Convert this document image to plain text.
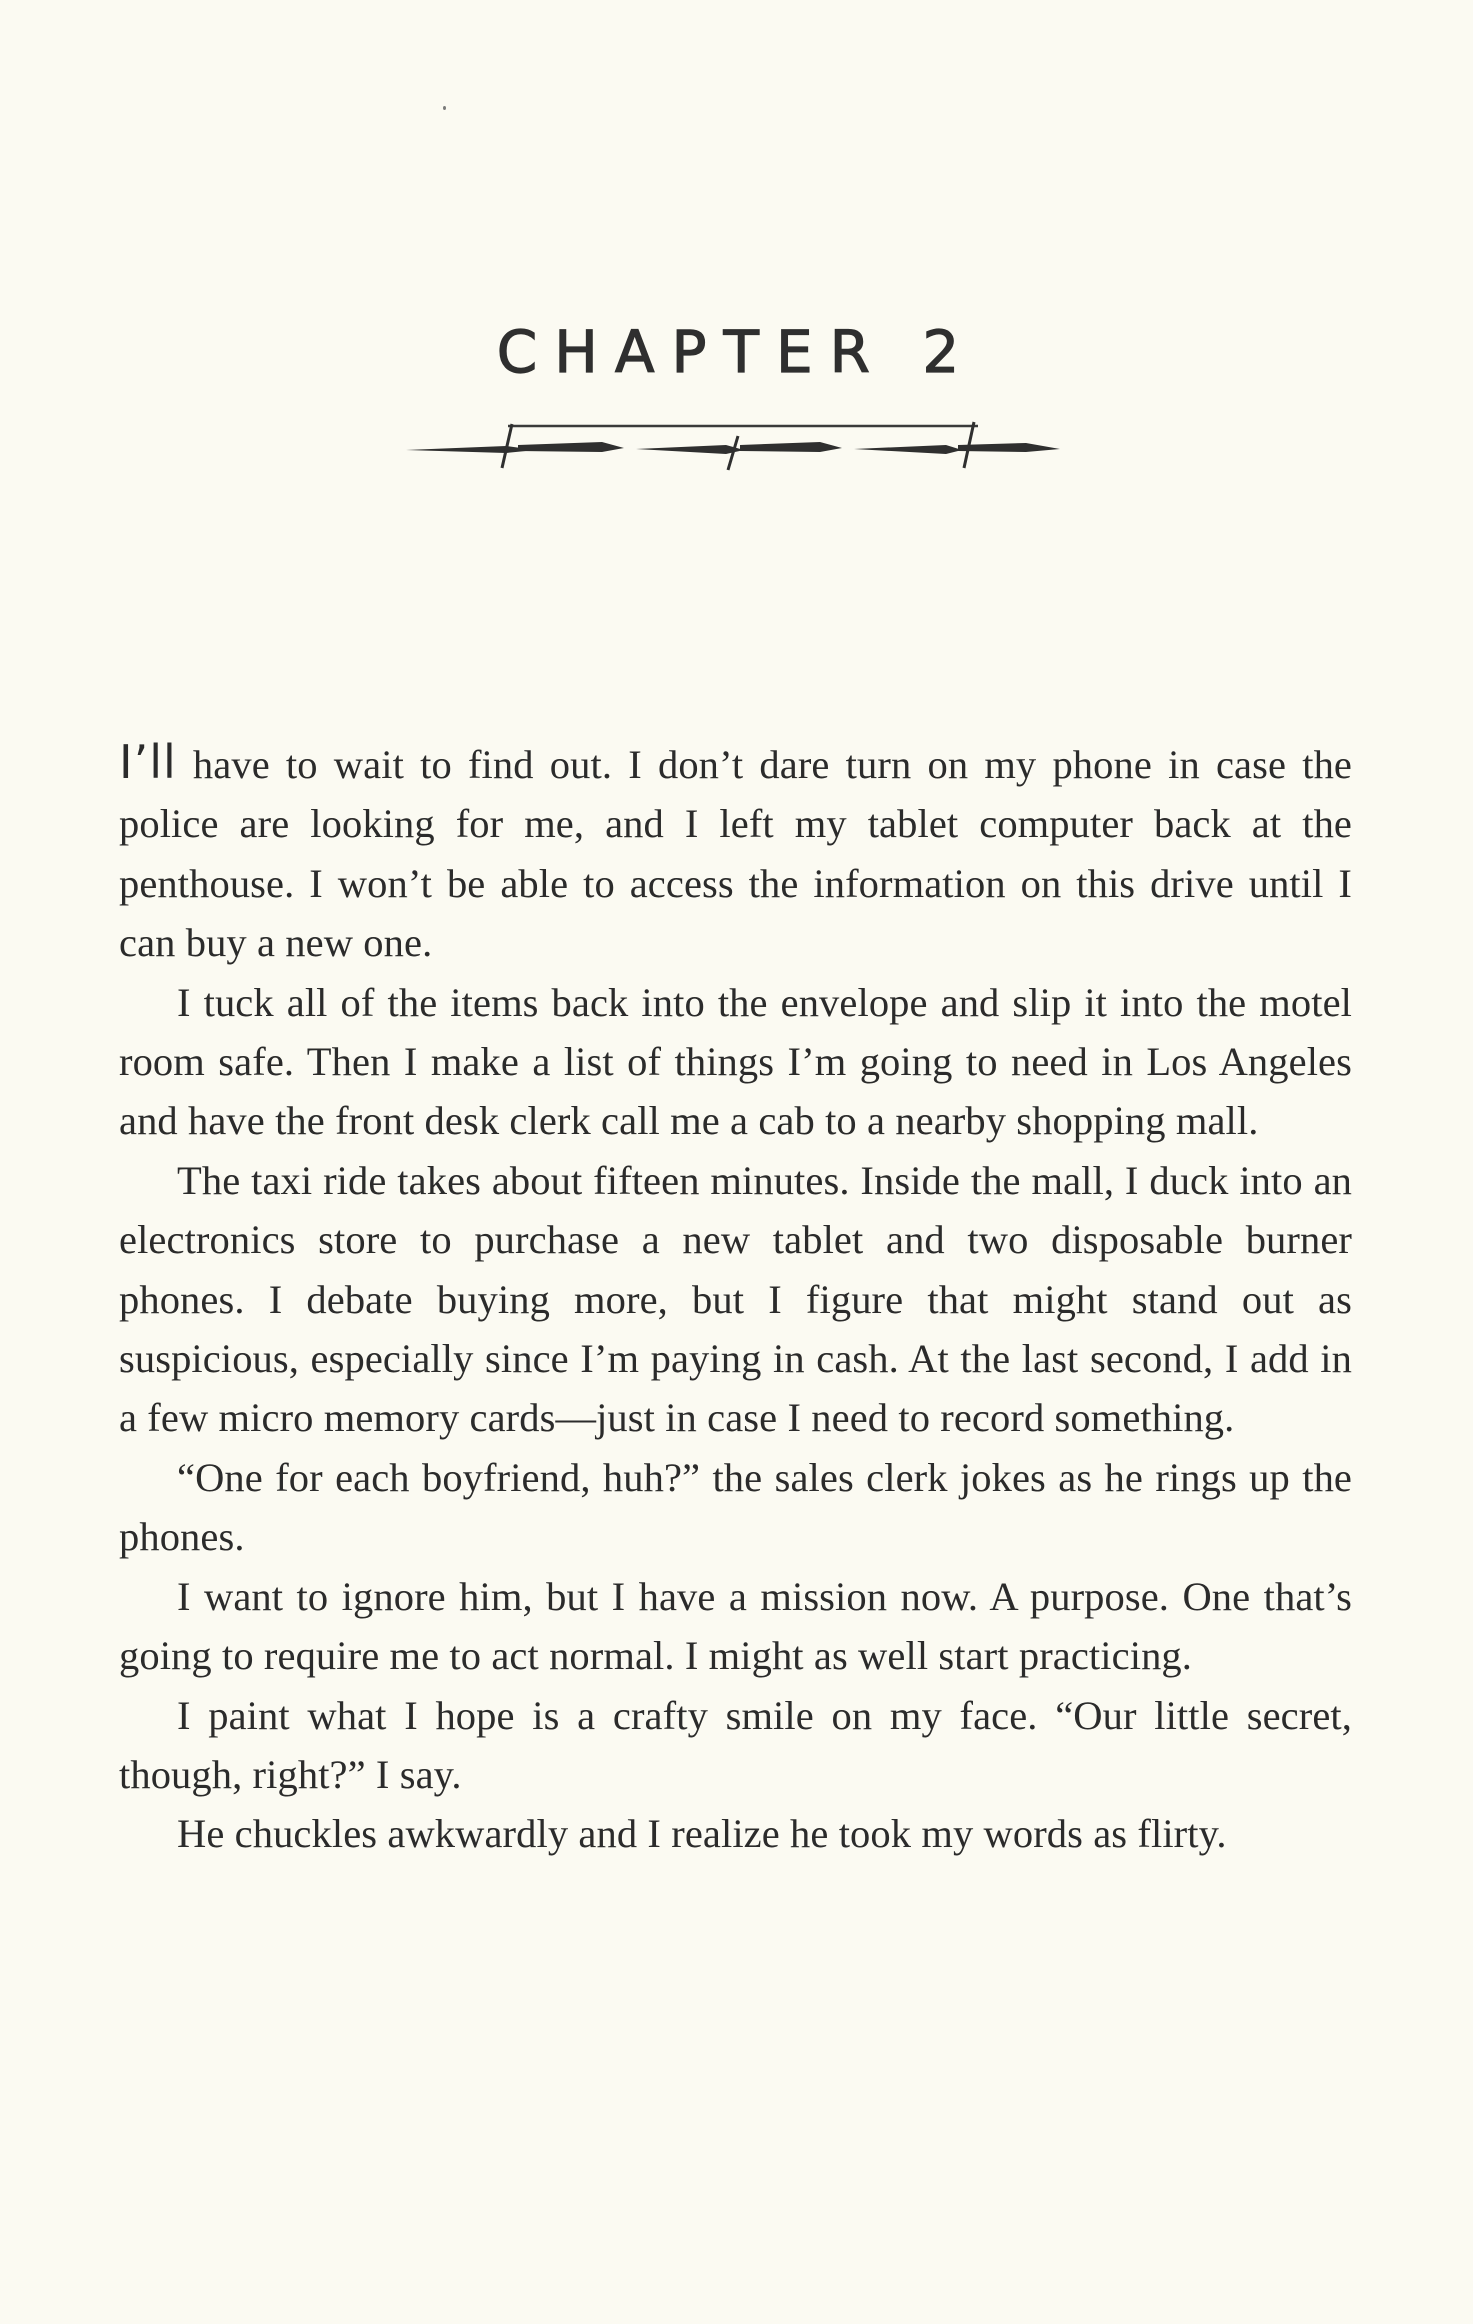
CHAPTER 2

I’ll have to wait to find out. I don’t dare turn on my phone in case the police are looking for me, and I left my tablet computer back at the penthouse. I won’t be able to access the information on this drive until I can buy a new one.

I tuck all of the items back into the envelope and slip it into the motel room safe. Then I make a list of things I’m going to need in Los Angeles and have the front desk clerk call me a cab to a nearby shopping mall.

The taxi ride takes about fifteen minutes. Inside the mall, I duck into an electronics store to purchase a new tablet and two disposable burner phones. I debate buying more, but I figure that might stand out as suspicious, especially since I’m paying in cash. At the last second, I add in a few micro memory cards—just in case I need to record something.

“One for each boyfriend, huh?” the sales clerk jokes as he rings up the phones.

I want to ignore him, but I have a mission now. A purpose. One that’s going to require me to act normal. I might as well start practicing.

I paint what I hope is a crafty smile on my face. “Our little secret, though, right?” I say.

He chuckles awkwardly and I realize he took my words as flirty.
